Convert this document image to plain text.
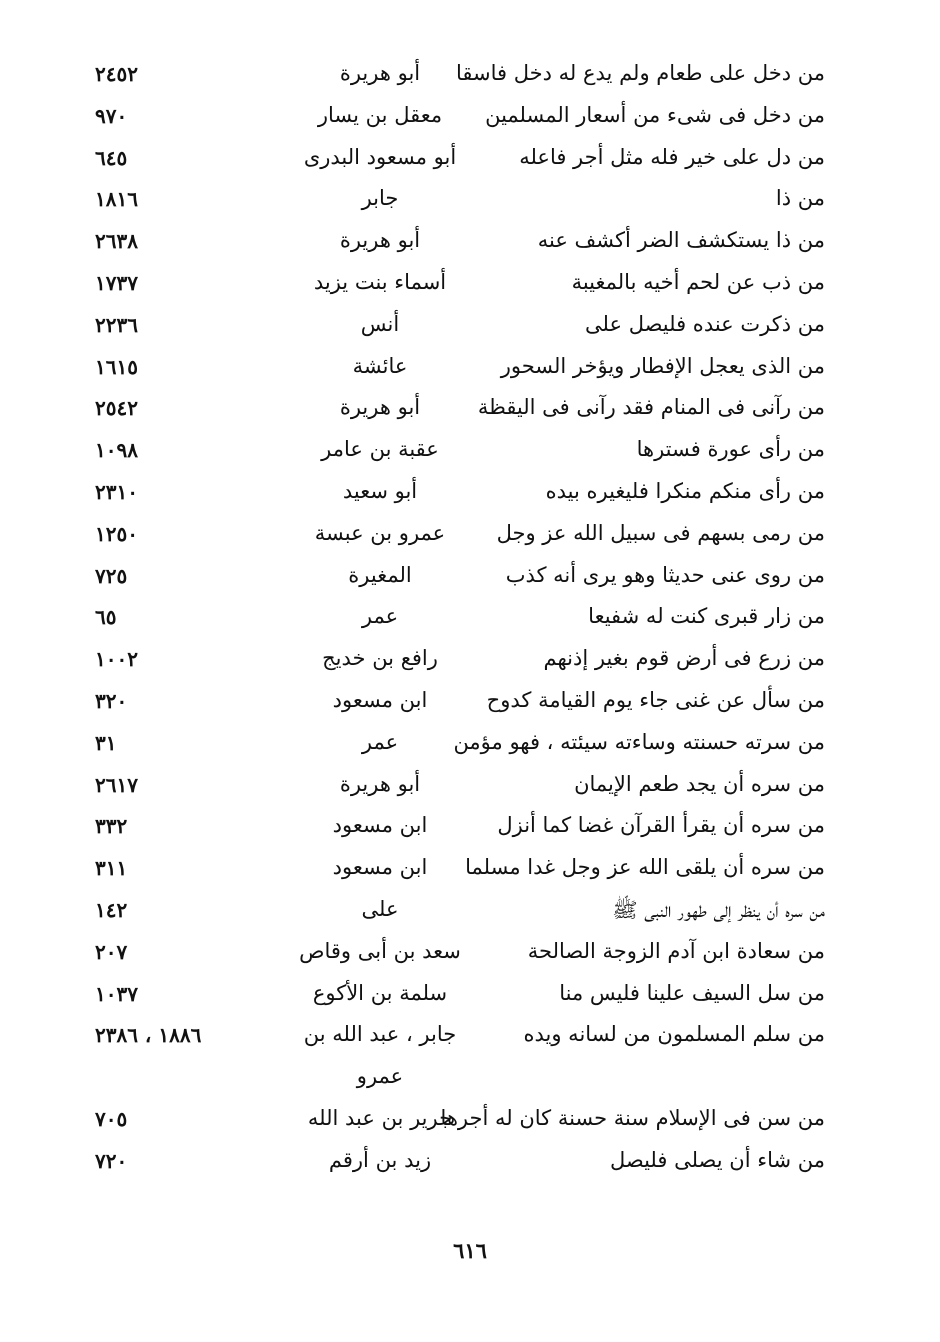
من دخل على طعام ولم يدع له دخل فاسقا
أبو هريرة
٢٤٥٢
من دخل فى شىء من أسعار المسلمين
معقل بن يسار
٩٧٠
من دل على خير فله مثل أجر فاعله
أبو مسعود البدرى
٦٤٥
من ذا
جابر
١٨١٦
من ذا يستكشف الضر أكشف عنه
أبو هريرة
٢٦٣٨
من ذب عن لحم أخيه بالمغيبة
أسماء بنت يزيد
١٧٣٧
من ذكرت عنده فليصل على
أنس
٢٢٣٦
من الذى يعجل الإفطار ويؤخر السحور
عائشة
١٦١٥
من رآنى فى المنام فقد رآنى فى اليقظة
أبو هريرة
٢٥٤٢
من رأى عورة فسترها
عقبة بن عامر
١٠٩٨
من رأى منكم منكرا فليغيره بيده
أبو سعيد
٢٣١٠
من رمى بسهم فى سبيل الله عز وجل
عمرو بن عبسة
١٢٥٠
من روى عنى حديثا وهو يرى أنه كذب
المغيرة
٧٢٥
من زار قبرى كنت له شفيعا
عمر
٦٥
من زرع فى أرض قوم بغير إذنهم
رافع بن خديج
١٠٠٢
من سأل عن غنى جاء يوم القيامة كدوح
ابن مسعود
٣٢٠
من سرته حسنته وساءته سيئته ، فهو مؤمن
عمر
٣١
من سره أن يجد طعم الإيمان
أبو هريرة
٢٦١٧
من سره أن يقرأ القرآن غضا كما أنزل
ابن مسعود
٣٣٢
من سره أن يلقى الله عز وجل غدا مسلما
ابن مسعود
٣١١
من سره أن ينظر إلى طهور النبى ﷺ
على
١٤٢
من سعادة ابن آدم الزوجة الصالحة
سعد بن أبى وقاص
٢٠٧
من سل السيف علينا فليس منا
سلمة بن الأكوع
١٠٣٧
من سلم المسلمون من لسانه ويده
جابر ، عبد الله بن
١٨٨٦ ، ٢٣٨٦
عمرو
من سن فى الإسلام سنة حسنة كان له أجرها
جرير بن عبد الله
٧٠٥
من شاء أن يصلى فليصل
زيد بن أرقم
٧٢٠
٦١٦
